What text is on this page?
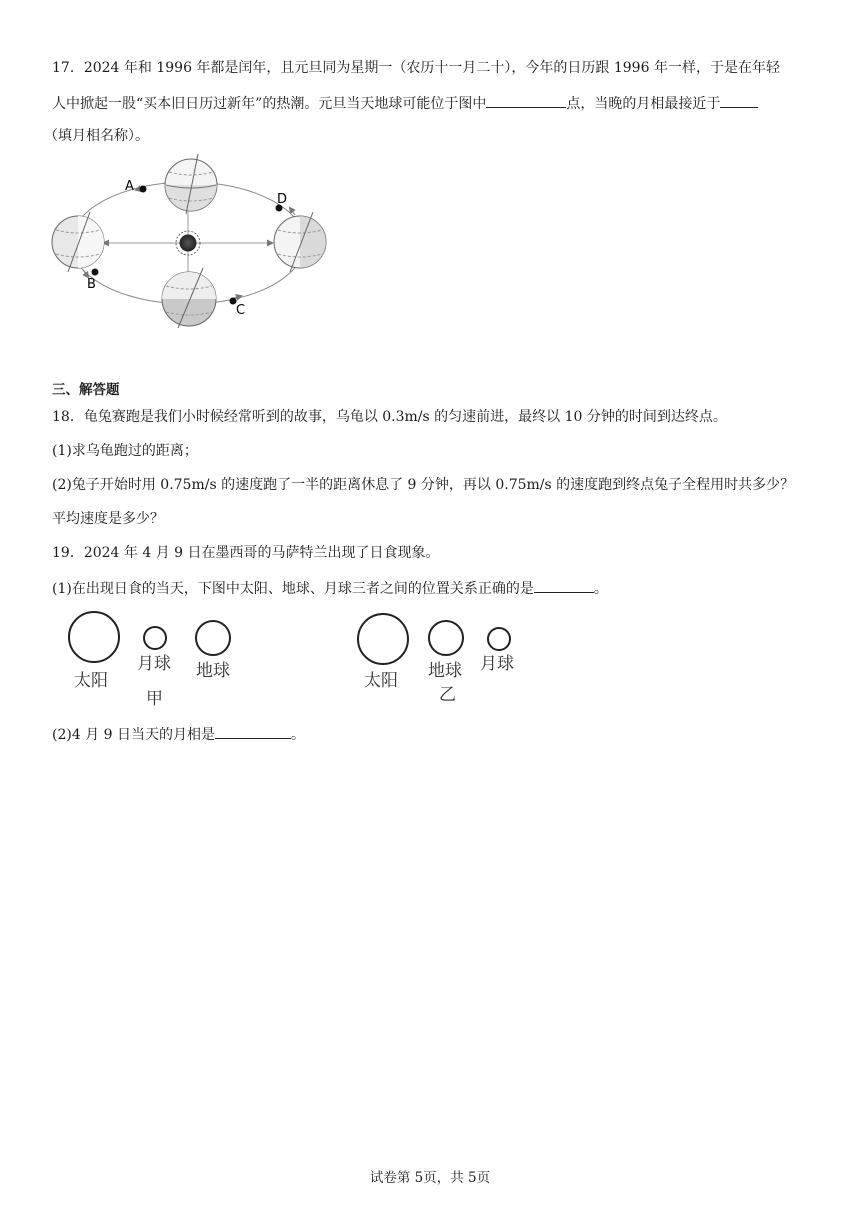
17．2024 年和 1996 年都是闰年，且元旦同为星期一（农历十一月二十），今年的日历跟 1996 年一样，于是在年轻
人中掀起一股“买本旧日历过新年”的热潮。元旦当天地球可能位于图中	点，当晚的月相最接近于
（填月相名称）。
A
D
B
C
三、解答题
18．龟兔赛跑是我们小时候经常听到的故事，乌龟以 0.3m/s 的匀速前进，最终以 10 分钟的时间到达终点。
(1)求乌龟跑过的距离；
(2)兔子开始时用 0.75m/s 的速度跑了一半的距离休息了 9 分钟，再以 0.75m/s 的速度跑到终点兔子全程用时共多少？
平均速度是多少？
19．2024 年 4 月 9 日在墨西哥的马萨特兰出现了日食现象。
(1)在出现日食的当天，下图中太阳、地球、月球三者之间的位置关系正确的是	。
太阳
月球 地球
甲
太阳 地球 月球
乙
(2)4 月 9 日当天的月相是	。
试卷第 5页，共 5页
